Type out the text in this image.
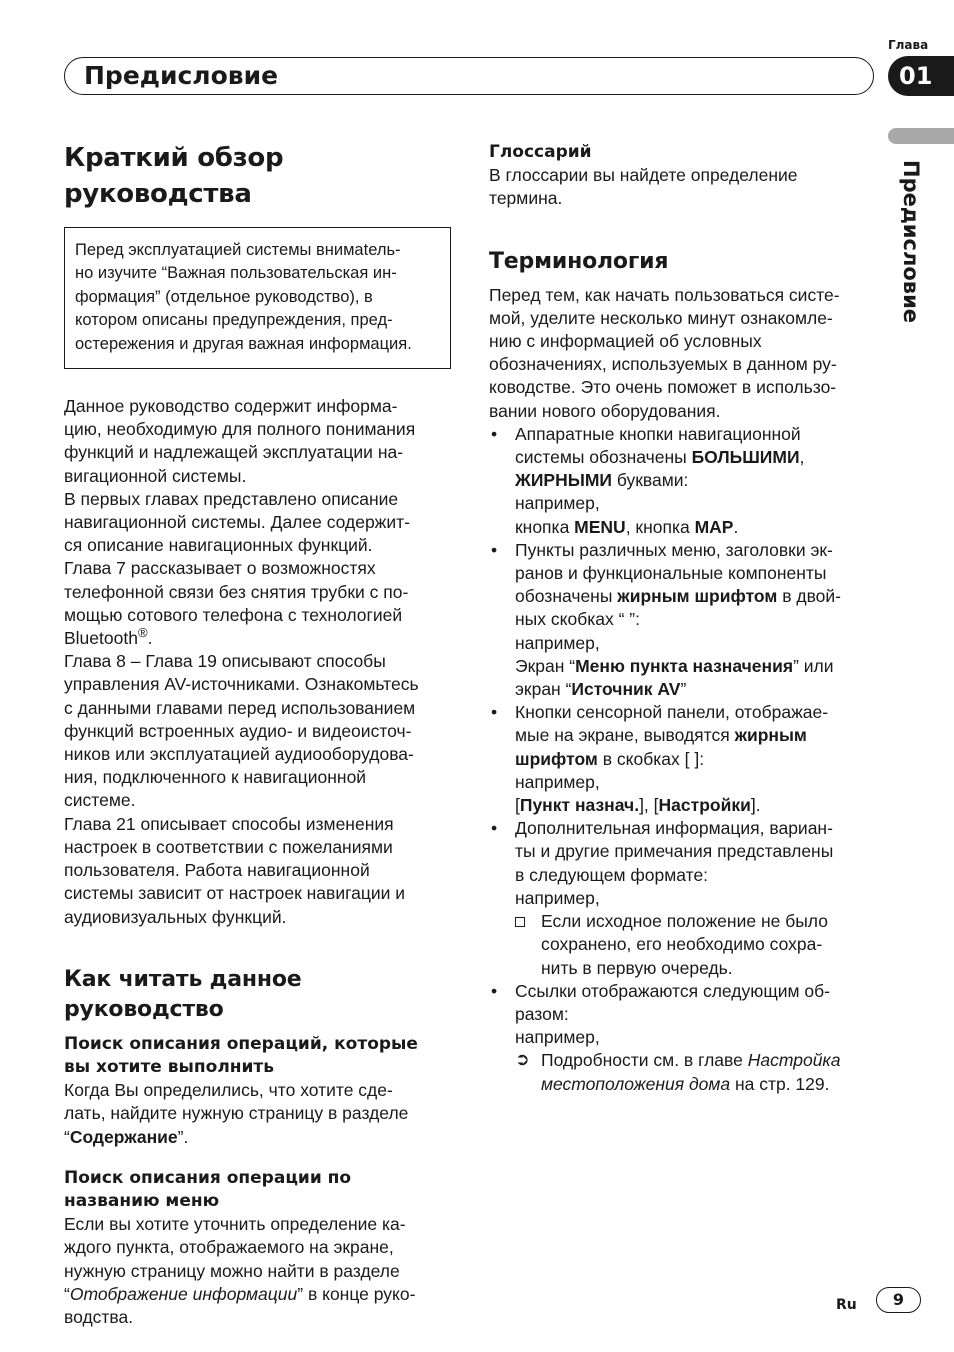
Предисловие
Глава
01
Предисловие
Краткий обзор руководства

Перед эксплуатацией системы внимatель-

но изучите “Важная пользовательская ин-

формация” (отдельное руководство), в

котором описаны предупреждения, пред-

остережения и другая важная информация.

Данное руководство содержит информа-

цию, необходимую для полного понимания

функций и надлежащей эксплуатации на-

вигационной системы.

В первых главах представлено описание

навигационной системы. Далее содержит-

ся описание навигационных функций.

Глава 7 рассказывает о возможностях

телефонной связи без снятия трубки с по-

мощью сотового телефона с технологией

Bluetooth®.

Глава 8 – Глава 19 описывают способы

управления AV-источниками. Ознакомьтесь

с данными главами перед использованием

функций встроенных аудио- и видеоисточ-

ников или эксплуатацией аудиооборудова-

ния, подключенного к навигационной

системе.

Глава 21 описывает способы изменения

настроек в соответствии с пожеланиями

пользователя. Работа навигационной

системы зависит от настроек навигации и

аудиовизуальных функций.

Как читать данное руководство
Поиск описания операций, которые
вы хотите выполнить

Когда Вы определились, что хотите сде-

лать, найдите нужную страницу в разделе

“Содержание”.

Поиск описания операции по
названию меню

Если вы хотите уточнить определение ка-

ждого пункта, отображаемого на экране,

нужную страницу можно найти в разделе

“Отображение информации” в конце руко-

водства.

Глоссарий

В глоссарии вы найдете определение

термина.

Терминология

Перед тем, как начать пользоваться систе-

мой, уделите несколько минут ознакомле-

нию с информацией об условных

обозначениях, используемых в данном ру-

ководстве. Это очень поможет в использо-

вании нового оборудования.

• Аппаратные кнопки навигационной

системы обозначены БОЛЬШИМИ,

ЖИРНЫМИ буквами:

например,

кнопка MENU, кнопка MAP.

• Пункты различных меню, заголовки эк-

ранов и функциональные компоненты

обозначены жирным шрифтом в двой-

ных скобках “ ”:

например,

Экран “Меню пункта назначения” или

экран “Источник AV”

• Кнопки сенсорной панели, отображае-

мые на экране, выводятся жирным

шрифтом в скобках [ ]:

например,

[Пункт назнач.], [Настройки].

• Дополнительная информация, вариан-

ты и другие примечания представлены

в следующем формате:

например,

Если исходное положение не было

сохранено, его необходимо сохра-

нить в первую очередь.

• Ссылки отображаются следующим об-

разом:

например,

➲ Подробности см. в главе Настройка

местоположения дома на стр. 129.

Ru	9
